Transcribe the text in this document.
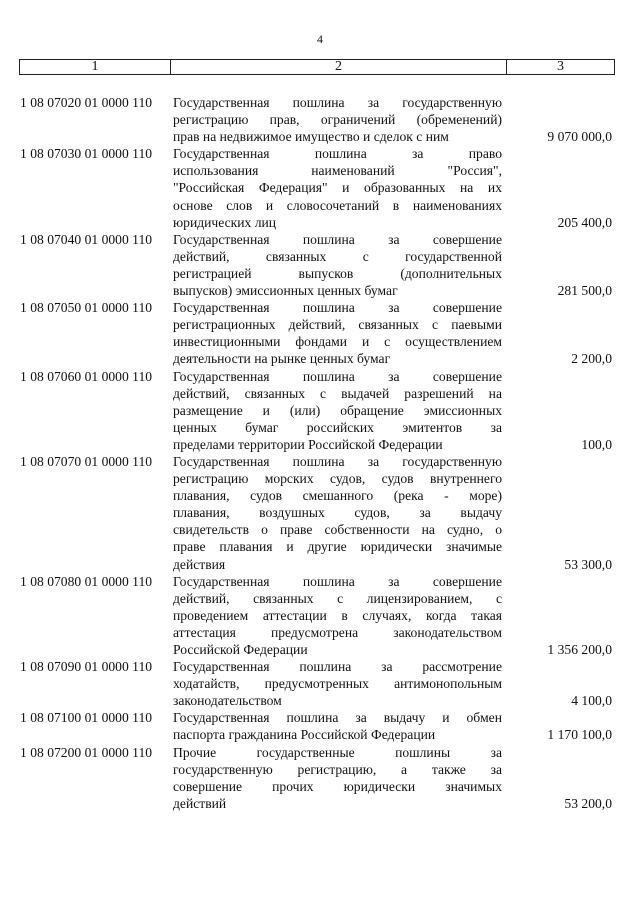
4
1	2	3
1 08 07020 01 0000 110	Государственная пошлина за государственную
регистрацию прав, ограничений (обременений)
прав на недвижимое имущество и сделок с ним	9 070 000,0
1 08 07030 01 0000 110	Государственная пошлина за право
использования наименований "Россия",
"Российская Федерация" и образованных на их
основе слов и словосочетаний в наименованиях
юридических лиц	205 400,0
1 08 07040 01 0000 110	Государственная пошлина за совершение
действий, связанных с государственной
регистрацией выпусков (дополнительных
выпусков) эмиссионных ценных бумаг	281 500,0
1 08 07050 01 0000 110	Государственная пошлина за совершение
регистрационных действий, связанных с паевыми
инвестиционными фондами и с осуществлением
деятельности на рынке ценных бумаг	2 200,0
1 08 07060 01 0000 110	Государственная пошлина за совершение
действий, связанных с выдачей разрешений на
размещение и (или) обращение эмиссионных
ценных бумаг российских эмитентов за
пределами территории Российской Федерации	100,0
1 08 07070 01 0000 110	Государственная пошлина за государственную
регистрацию морских судов, судов внутреннего
плавания, судов смешанного (река - море)
плавания, воздушных судов, за выдачу
свидетельств о праве собственности на судно, о
праве плавания и другие юридически значимые
действия	53 300,0
1 08 07080 01 0000 110	Государственная пошлина за совершение
действий, связанных с лицензированием, с
проведением аттестации в случаях, когда такая
аттестация предусмотрена законодательством
Российской Федерации	1 356 200,0
1 08 07090 01 0000 110	Государственная пошлина за рассмотрение
ходатайств, предусмотренных антимонопольным
законодательством	4 100,0
1 08 07100 01 0000 110	Государственная пошлина за выдачу и обмен
паспорта гражданина Российской Федерации	1 170 100,0
1 08 07200 01 0000 110	Прочие государственные пошлины за
государственную регистрацию, а также за
совершение прочих юридически значимых
действий	53 200,0
